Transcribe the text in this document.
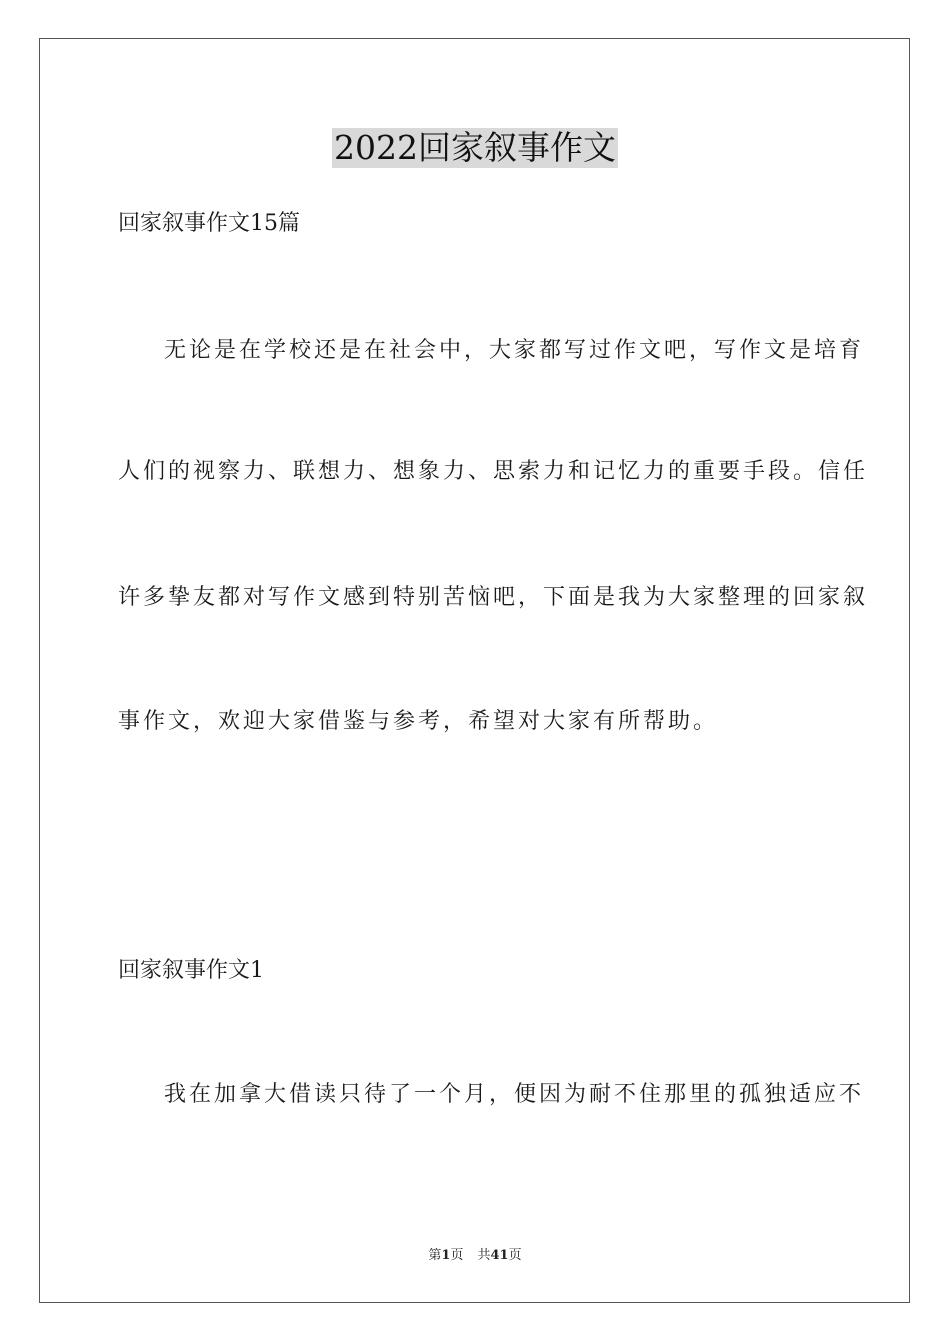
2022回家叙事作文
回家叙事作文15篇
无论是在学校还是在社会中，大家都写过作文吧，写作文是培育
人们的视察力、联想力、想象力、思索力和记忆力的重要手段。信任
许多挚友都对写作文感到特别苦恼吧，下面是我为大家整理的回家叙
事作文，欢迎大家借鉴与参考，希望对大家有所帮助。
回家叙事作文1
我在加拿大借读只待了一个月，便因为耐不住那里的孤独适应不
第1页 共41页
